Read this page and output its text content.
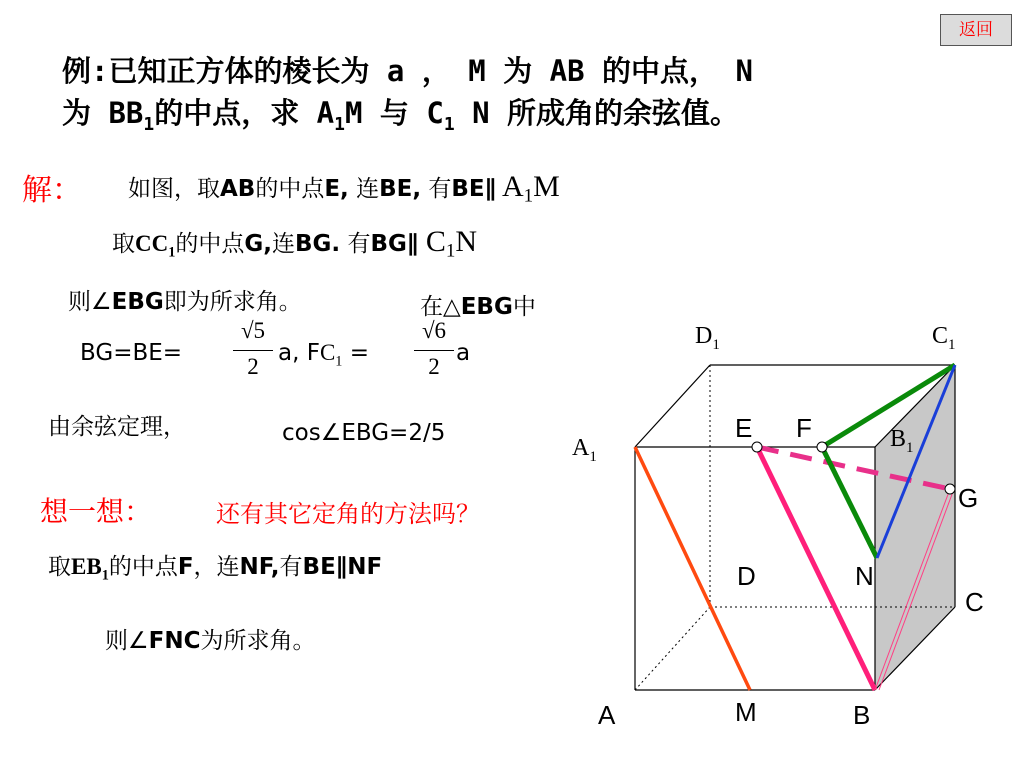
返回
例:已知正方体的棱长为 a ， M 为 AB 的中点， N
为 $BB_1$的中点，求 $A_1M$ 与 $C_1$ N 所成角的余弦值。
解： 如图，取AB的中点E, 连BE, 有BE∥ $A_1M$
取$CC_1$的中点G,连BG. 有BG∥ $C_1N$
则∠EBG即为所求角。	在△EBG中
BG=BE=
√5
2
a, $FC_1$ =
√6
2
a
由余弦定理，	cos∠EBG=2/5
想一想：	还有其它定角的方法吗？
取$EB_1$的中点F，连NF,有BE∥NF
则∠FNC为所求角。
$D_1$	$C_1$
$A_1$
$B_1$
E F
G
D	N
C
A	M	B
